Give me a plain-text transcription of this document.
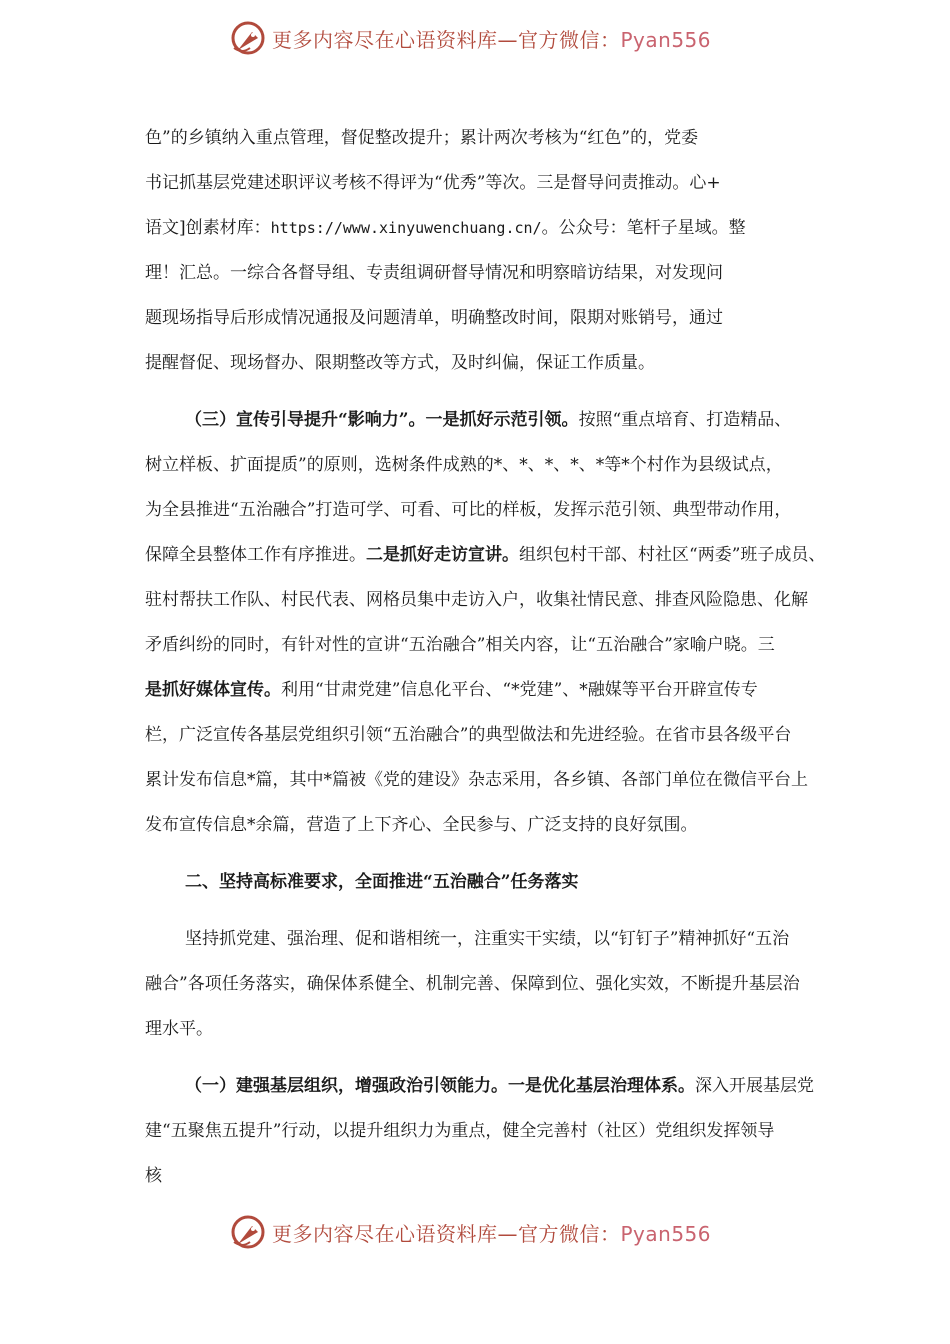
更多内容尽在心语资料库—官方微信：Pyan556
色”的乡镇纳入重点管理，督促整改提升；累计两次考核为“红色”的，党委
书记抓基层党建述职评议考核不得评为“优秀”等次。三是督导问责推动。心+
语文]创素材库：https://www.xinyuwenchuang.cn/。公众号：笔杆子星域。整
理！汇总。一综合各督导组、专责组调研督导情况和明察暗访结果，对发现问
题现场指导后形成情况通报及问题清单，明确整改时间，限期对账销号，通过
提醒督促、现场督办、限期整改等方式，及时纠偏，保证工作质量。
（三）宣传引导提升“影响力”。一是抓好示范引领。按照“重点培育、打造精品、
树立样板、扩面提质”的原则，选树条件成熟的*、*、*、*、*等*个村作为县级试点，
为全县推进“五治融合”打造可学、可看、可比的样板，发挥示范引领、典型带动作用，
保障全县整体工作有序推进。二是抓好走访宣讲。组织包村干部、村社区“两委”班子成员、
驻村帮扶工作队、村民代表、网格员集中走访入户，收集社情民意、排查风险隐患、化解
矛盾纠纷的同时，有针对性的宣讲“五治融合”相关内容，让“五治融合”家喻户晓。三
是抓好媒体宣传。利用“甘肃党建”信息化平台、“*党建”、*融媒等平台开辟宣传专
栏，广泛宣传各基层党组织引领“五治融合”的典型做法和先进经验。在省市县各级平台
累计发布信息*篇，其中*篇被《党的建设》杂志采用，各乡镇、各部门单位在微信平台上
发布宣传信息*余篇，营造了上下齐心、全民参与、广泛支持的良好氛围。
二、坚持高标准要求，全面推进“五治融合”任务落实
坚持抓党建、强治理、促和谐相统一，注重实干实绩，以“钉钉子”精神抓好“五治
融合”各项任务落实，确保体系健全、机制完善、保障到位、强化实效，不断提升基层治
理水平。
（一）建强基层组织，增强政治引领能力。一是优化基层治理体系。深入开展基层党
建“五聚焦五提升”行动，以提升组织力为重点，健全完善村（社区）党组织发挥领导
核
更多内容尽在心语资料库—官方微信：Pyan556
